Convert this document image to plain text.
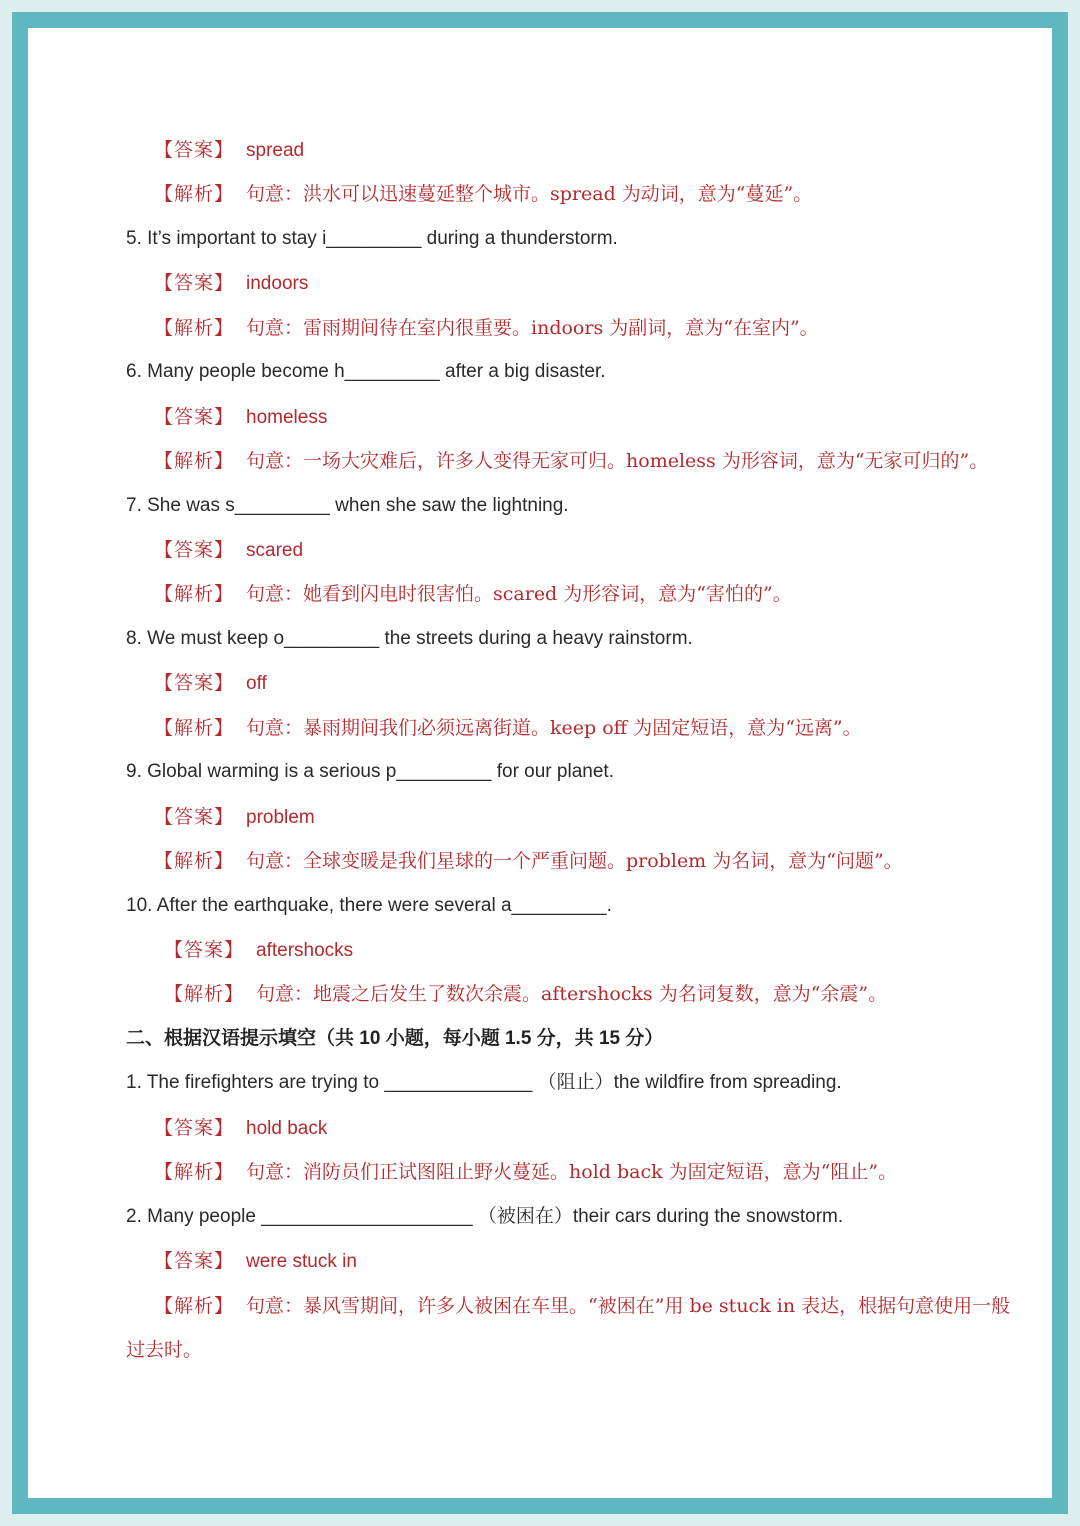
【答案】 spread
【解析】 句意：洪水可以迅速蔓延整个城市。spread 为动词，意为“蔓延”。
5. It’s important to stay i_________ during a thunderstorm.
【答案】 indoors
【解析】 句意：雷雨期间待在室内很重要。indoors 为副词，意为“在室内”。
6. Many people become h_________ after a big disaster.
【答案】 homeless
【解析】 句意：一场大灾难后，许多人变得无家可归。homeless 为形容词，意为“无家可归的”。
7. She was s_________ when she saw the lightning.
【答案】 scared
【解析】 句意：她看到闪电时很害怕。scared 为形容词，意为“害怕的”。
8. We must keep o_________ the streets during a heavy rainstorm.
【答案】 off
【解析】 句意：暴雨期间我们必须远离街道。keep off 为固定短语，意为“远离”。
9. Global warming is a serious p_________ for our planet.
【答案】 problem
【解析】 句意：全球变暖是我们星球的一个严重问题。problem 为名词，意为“问题”。
10. After the earthquake, there were several a_________.
【答案】 aftershocks
【解析】 句意：地震之后发生了数次余震。aftershocks 为名词复数，意为“余震”。
二、根据汉语提示填空（共 10 小题，每小题 1.5 分，共 15 分）
1. The firefighters are trying to ______________ （阻止）the wildfire from spreading.
【答案】 hold back
【解析】 句意：消防员们正试图阻止野火蔓延。hold back 为固定短语，意为“阻止”。
2. Many people ____________________ （被困在）their cars during the snowstorm.
【答案】 were stuck in
【解析】 句意：暴风雪期间，许多人被困在车里。“被困在”用 be stuck in 表达，根据句意使用一般
过去时。
